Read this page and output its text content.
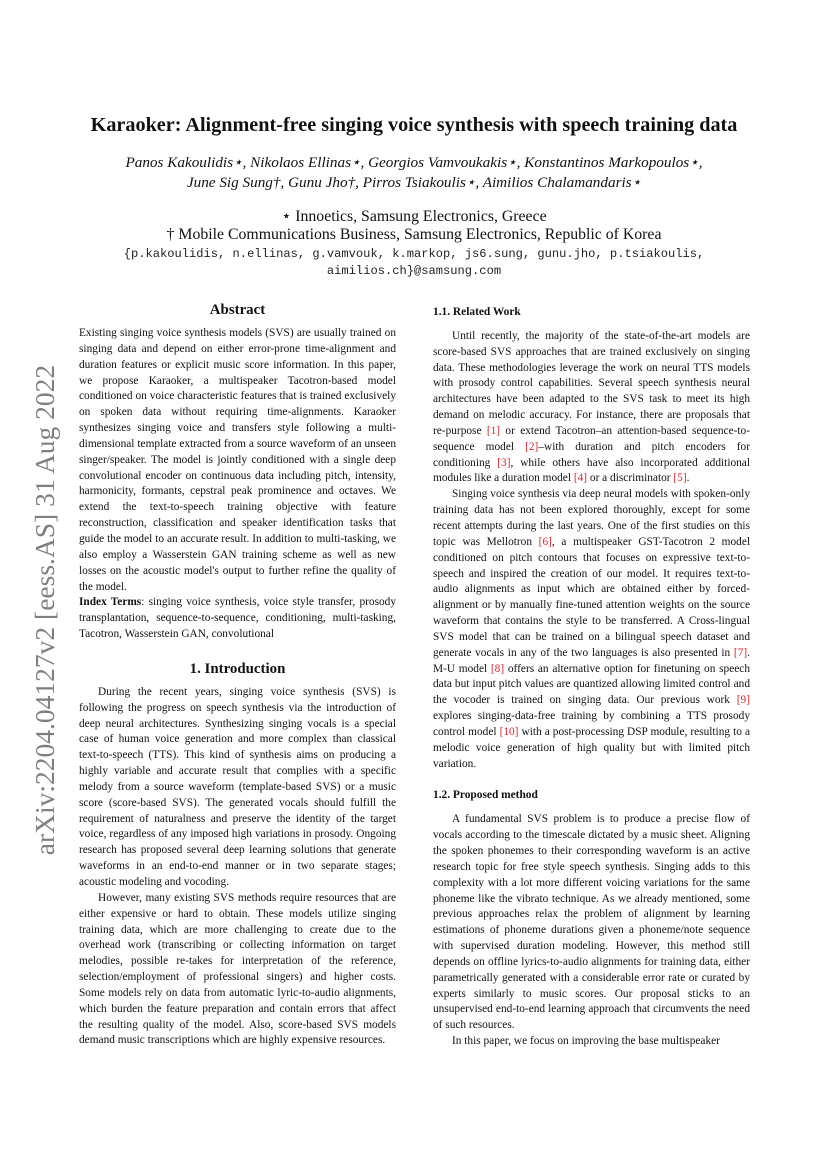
arXiv:2204.04127v2 [eess.AS] 31 Aug 2022
Karaoker: Alignment-free singing voice synthesis with speech training data
Panos Kakoulidis⋆, Nikolaos Ellinas⋆, Georgios Vamvoukakis⋆, Konstantinos Markopoulos⋆,
June Sig Sung†, Gunu Jho†, Pirros Tsiakoulis⋆, Aimilios Chalamandaris⋆
⋆ Innoetics, Samsung Electronics, Greece
† Mobile Communications Business, Samsung Electronics, Republic of Korea
{p.kakoulidis, n.ellinas, g.vamvouk, k.markop, js6.sung, gunu.jho, p.tsiakoulis,
aimilios.ch}@samsung.com
Abstract

Existing singing voice synthesis models (SVS) are usually trained on singing data and depend on either error-prone time-alignment and duration features or explicit music score information. In this paper, we propose Karaoker, a multispeaker Tacotron-based model conditioned on voice characteristic features that is trained exclusively on spoken data without requiring time-alignments. Karaoker synthesizes singing voice and transfers style following a multi-dimensional template extracted from a source waveform of an unseen singer/speaker. The model is jointly conditioned with a single deep convolutional encoder on continuous data including pitch, intensity, harmonicity, formants, cepstral peak prominence and octaves. We extend the text-to-speech training objective with feature reconstruction, classification and speaker identification tasks that guide the model to an accurate result. In addition to multi-tasking, we also employ a Wasserstein GAN training scheme as well as new losses on the acoustic model's output to further refine the quality of the model.

Index Terms: singing voice synthesis, voice style transfer, prosody transplantation, sequence-to-sequence, conditioning, multi-tasking, Tacotron, Wasserstein GAN, convolutional

1. Introduction

During the recent years, singing voice synthesis (SVS) is following the progress on speech synthesis via the introduction of deep neural architectures. Synthesizing singing vocals is a special case of human voice generation and more complex than classical text-to-speech (TTS). This kind of synthesis aims on producing a highly variable and accurate result that complies with a specific melody from a source waveform (template-based SVS) or a music score (score-based SVS). The generated vocals should fulfill the requirement of naturalness and preserve the identity of the target voice, regardless of any imposed high variations in prosody. Ongoing research has proposed several deep learning solutions that generate waveforms in an end-to-end manner or in two separate stages; acoustic modeling and vocoding.

However, many existing SVS methods require resources that are either expensive or hard to obtain. These models utilize singing training data, which are more challenging to create due to the overhead work (transcribing or collecting information on target melodies, possible re-takes for interpretation of the reference, selection/employment of professional singers) and higher costs. Some models rely on data from automatic lyric-to-audio alignments, which burden the feature preparation and contain errors that affect the resulting quality of the model. Also, score-based SVS models demand music transcriptions which are highly expensive resources.

1.1. Related Work

Until recently, the majority of the state-of-the-art models are score-based SVS approaches that are trained exclusively on singing data. These methodologies leverage the work on neural TTS models with prosody control capabilities. Several speech synthesis neural architectures have been adapted to the SVS task to meet its high demand on melodic accuracy. For instance, there are proposals that re-purpose [1] or extend Tacotron–an attention-based sequence-to-sequence model [2]–with duration and pitch encoders for conditioning [3], while others have also incorporated additional modules like a duration model [4] or a discriminator [5].

Singing voice synthesis via deep neural models with spoken-only training data has not been explored thoroughly, except for some recent attempts during the last years. One of the first studies on this topic was Mellotron [6], a multispeaker GST-Tacotron 2 model conditioned on pitch contours that focuses on expressive text-to-speech and inspired the creation of our model. It requires text-to-audio alignments as input which are obtained either by forced-alignment or by manually fine-tuned attention weights on the source waveform that contains the style to be transferred. A Cross-lingual SVS model that can be trained on a bilingual speech dataset and generate vocals in any of the two languages is also presented in [7]. M-U model [8] offers an alternative option for finetuning on speech data but input pitch values are quantized allowing limited control and the vocoder is trained on singing data. Our previous work [9] explores singing-data-free training by combining a TTS prosody control model [10] with a post-processing DSP module, resulting to a melodic voice generation of high quality but with limited pitch variation.

1.2. Proposed method

A fundamental SVS problem is to produce a precise flow of vocals according to the timescale dictated by a music sheet. Aligning the spoken phonemes to their corresponding waveform is an active research topic for free style speech synthesis. Singing adds to this complexity with a lot more different voicing variations for the same phoneme like the vibrato technique. As we already mentioned, some previous approaches relax the problem of alignment by learning estimations of phoneme durations given a phoneme/note sequence with supervised duration modeling. However, this method still depends on offline lyrics-to-audio alignments for training data, either parametrically generated with a considerable error rate or curated by experts similarly to music scores. Our proposal sticks to an unsupervised end-to-end learning approach that circumvents the need of such resources.

In this paper, we focus on improving the base multispeaker
